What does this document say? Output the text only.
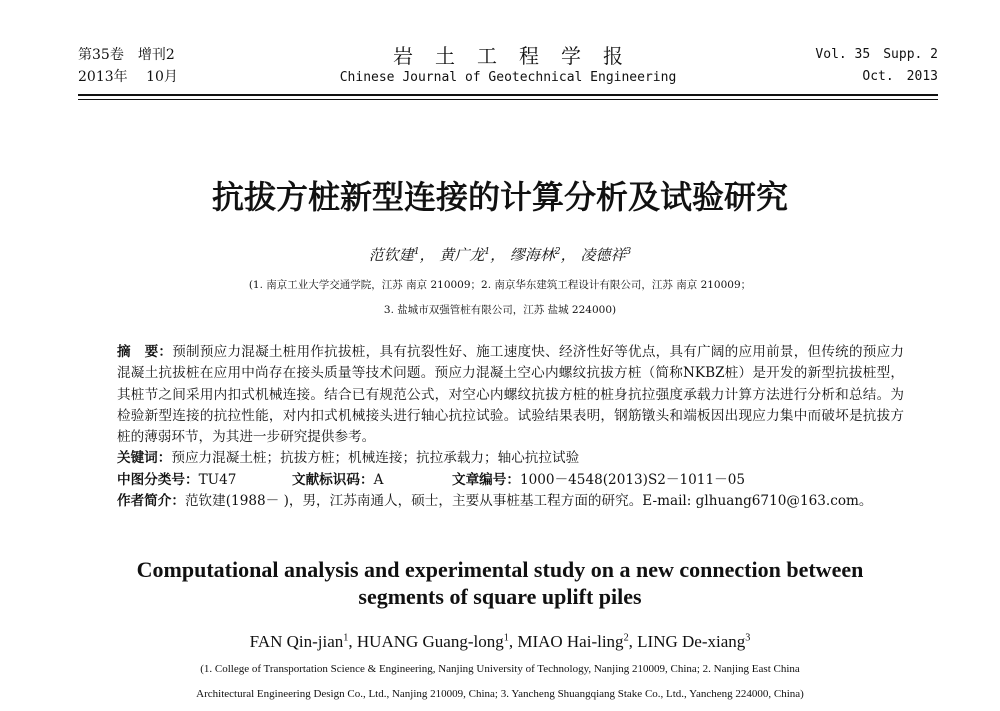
第35卷　增刊2
2013年　 10月
岩土工程学报
Chinese Journal of Geotechnical Engineering
Vol. 35　Supp. 2
Oct.　2013
抗拔方桩新型连接的计算分析及试验研究
范钦建$^1$， 黄广龙$^1$， 缪海林$^2$， 凌德祥$^3$
(1. 南京工业大学交通学院，江苏 南京 210009；2. 南京华东建筑工程设计有限公司，江苏 南京 210009；
3. 盐城市双强管桩有限公司，江苏 盐城 224000)

摘　要：预制预应力混凝土桩用作抗拔桩，具有抗裂性好、施工速度快、经济性好等优点，具有广阔的应用前景，但传统的预应力混凝土抗拔桩在应用中尚存在接头质量等技术问题。预应力混凝土空心内螺纹抗拔方桩（简称NKBZ桩）是开发的新型抗拔桩型，其桩节之间采用内扣式机械连接。结合已有规范公式，对空心内螺纹抗拔方桩的桩身抗拉强度承载力计算方法进行分析和总结。为检验新型连接的抗拉性能，对内扣式机械接头进行轴心抗拉试验。试验结果表明，钢筋镦头和端板因出现应力集中而破坏是抗拔方桩的薄弱环节，为其进一步研究提供参考。

关键词：预应力混凝土桩；抗拔方桩；机械连接；抗拉承载力；轴心抗拉试验

中图分类号：TU47	文献标识码：A	文章编号：1000－4548(2013)S2－1011－05

作者简介：范钦建(1988－ )，男，江苏南通人，硕士，主要从事桩基工程方面的研究。E-mail: glhuang6710@163.com。

Computational analysis and experimental study on a new connection between segments of square uplift piles
FAN Qin-jian$^1$, HUANG Guang-long$^1$, MIAO Hai-ling$^2$, LING De-xiang$^3$
(1. College of Transportation Science & Engineering, Nanjing University of Technology, Nanjing 210009, China; 2. Nanjing East China
Architectural Engineering Design Co., Ltd., Nanjing 210009, China; 3. Yancheng Shuangqiang Stake Co., Ltd., Yancheng 224000, China)
